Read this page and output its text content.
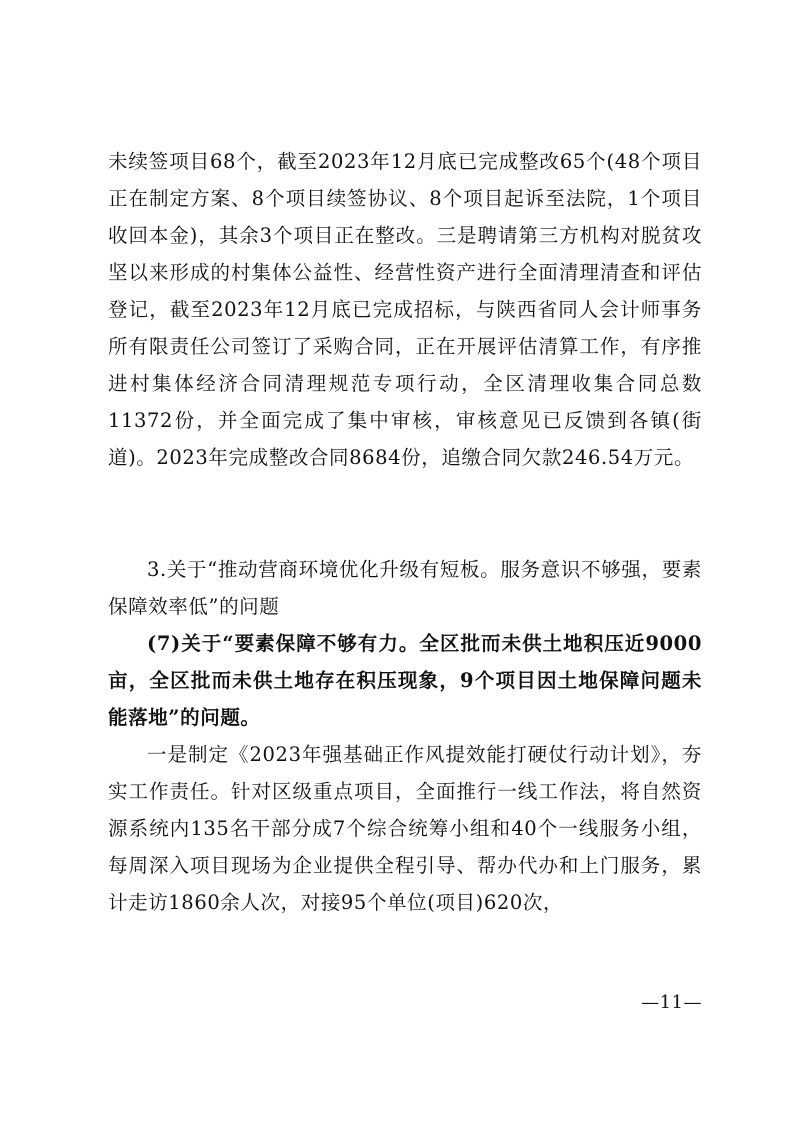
未续签项目68个，截至2023年12月底已完成整改65个(48个项目正在制定方案、8个项目续签协议、8个项目起诉至法院，1个项目收回本金)，其余3个项目正在整改。三是聘请第三方机构对脱贫攻坚以来形成的村集体公益性、经营性资产进行全面清理清查和评估登记，截至2023年12月底已完成招标，与陕西省同人会计师事务所有限责任公司签订了采购合同，正在开展评估清算工作，有序推进村集体经济合同清理规范专项行动，全区清理收集合同总数11372份，并全面完成了集中审核，审核意见已反馈到各镇(街道)。2023年完成整改合同8684份，追缴合同欠款246.54万元。

3.关于“推动营商环境优化升级有短板。服务意识不够强，要素保障效率低”的问题

(7)关于“要素保障不够有力。全区批而未供土地积压近9000亩，全区批而未供土地存在积压现象，9个项目因土地保障问题未能落地”的问题。

一是制定《2023年强基础正作风提效能打硬仗行动计划》，夯实工作责任。针对区级重点项目，全面推行一线工作法，将自然资源系统内135名干部分成7个综合统筹小组和40个一线服务小组，每周深入项目现场为企业提供全程引导、帮办代办和上门服务，累计走访1860余人次，对接95个单位(项目)620次，

—11—
